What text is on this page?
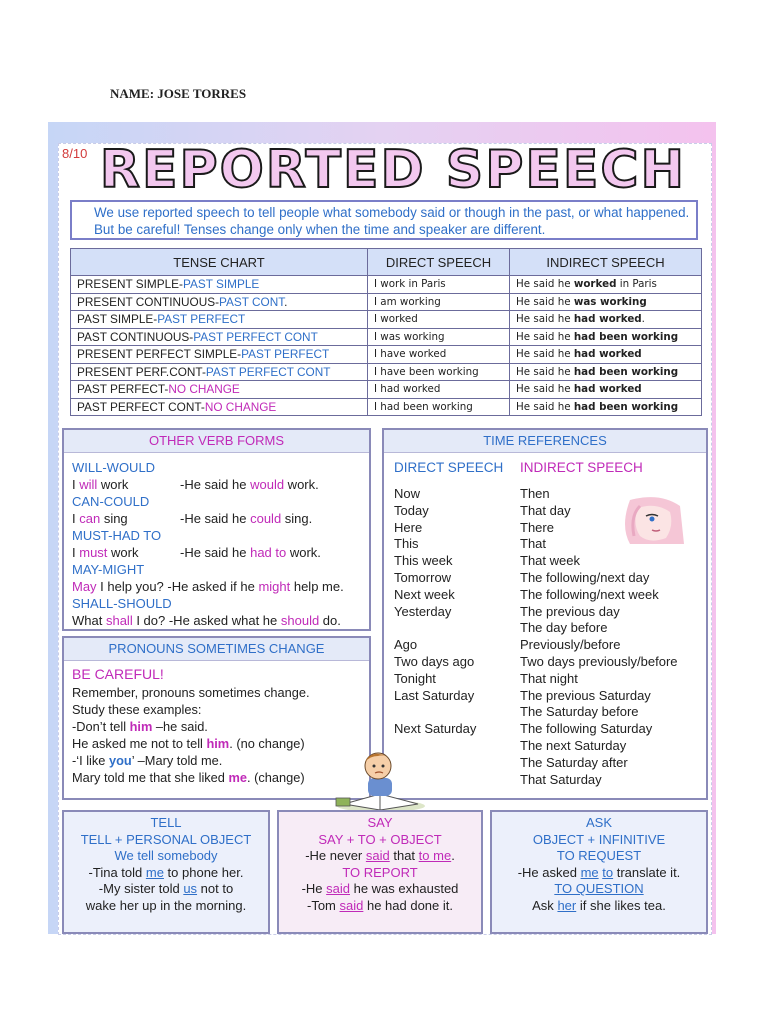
NAME: JOSE TORRES
8/10 REPORTED SPEECH
We use reported speech to tell people what somebody said or though in the past, or what happened. But be careful! Tenses change only when the time and speaker are different.
TENSE CHART	DIRECT SPEECH	INDIRECT SPEECH
PRESENT SIMPLE-PAST SIMPLE	I work in Paris	He said he worked in Paris
PRESENT CONTINUOUS-PAST CONT.	I am working	He said he was working
PAST SIMPLE-PAST PERFECT	I worked	He said he had worked.
PAST CONTINUOUS-PAST PERFECT CONT	I was working	He said he had been working
PRESENT PERFECT SIMPLE-PAST PERFECT	I have worked	He said he had worked
PRESENT PERF.CONT-PAST PERFECT CONT	I have been working	He said he had been working
PAST PERFECT-NO CHANGE	I had worked	He said he had worked
PAST PERFECT CONT-NO CHANGE	I had been working	He said he had been working
OTHER VERB FORMS
WILL-WOULD
I will work	-He said he would work.
CAN-COULD
I can sing	-He said he could sing.
MUST-HAD TO
I must work	-He said he had to work.
MAY-MIGHT
May I help you? -He asked if he might help me.
SHALL-SHOULD
What shall I do? -He asked what he should do.
PRONOUNS SOMETIMES CHANGE
BE CAREFUL!
Remember, pronouns sometimes change.
Study these examples:
-Don’t tell him –he said.
He asked me not to tell him. (no change)
-‘I like you’ –Mary told me.
Mary told me that she liked me. (change)
TIME REFERENCES
DIRECT SPEECH INDIRECT SPEECH
Now	Then
Today	That day
Here	There
This	That
This week	That week
Tomorrow	The following/next day
Next week	The following/next week
Yesterday	The previous day
The day before
Ago	Previously/before
Two days ago	Two days previously/before
Tonight	That night
Last Saturday	The previous Saturday
The Saturday before
Next Saturday	The following Saturday
The next Saturday
The Saturday after
That Saturday
TELL
TELL + PERSONAL OBJECT
We tell somebody
-Tina told me to phone her.
-My sister told us not to
wake her up in the morning.
SAY
SAY + TO + OBJECT
-He never said that to me.
TO REPORT
-He said he was exhausted
-Tom said he had done it.
ASK
OBJECT + INFINITIVE
TO REQUEST
-He asked me to translate it.
TO QUESTION
Ask her if she likes tea.
